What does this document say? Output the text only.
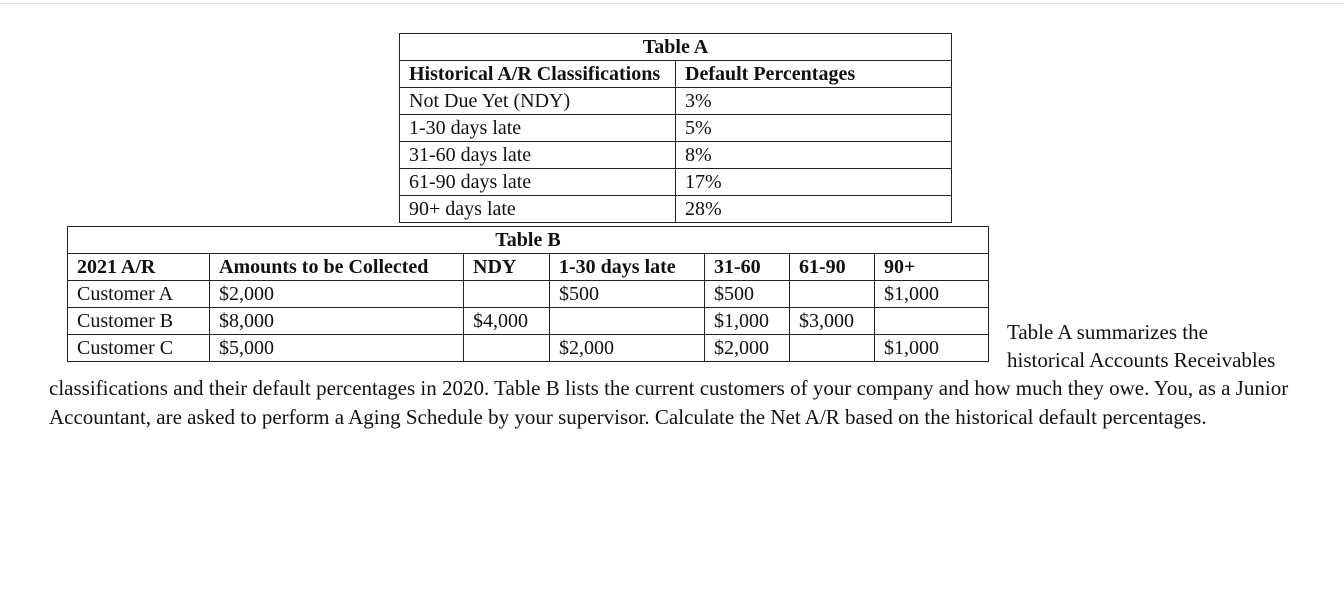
Table A	
Historical A/R Classifications	Default Percentages
Not Due Yet (NDY)	3%
1-30 days late	5%
31-60 days late	8%
61-90 days late	17%
90+ days late	28%
Table B						
2021 A/R	Amounts to be Collected	NDY	1-30 days late	31-60	61-90	90+
Customer A	$2,000		$500	$500		$1,000
Customer B	$8,000	$4,000		$1,000	$3,000	
Customer C	$5,000		$2,000	$2,000		$1,000
Table A summarizes the
historical Accounts Receivables
classifications and their default percentages in 2020. Table B lists the current customers of your company and how much they owe. You, as a Junior Accountant, are asked to perform a Aging Schedule by your supervisor. Calculate the Net A/R based on the historical default percentages.
